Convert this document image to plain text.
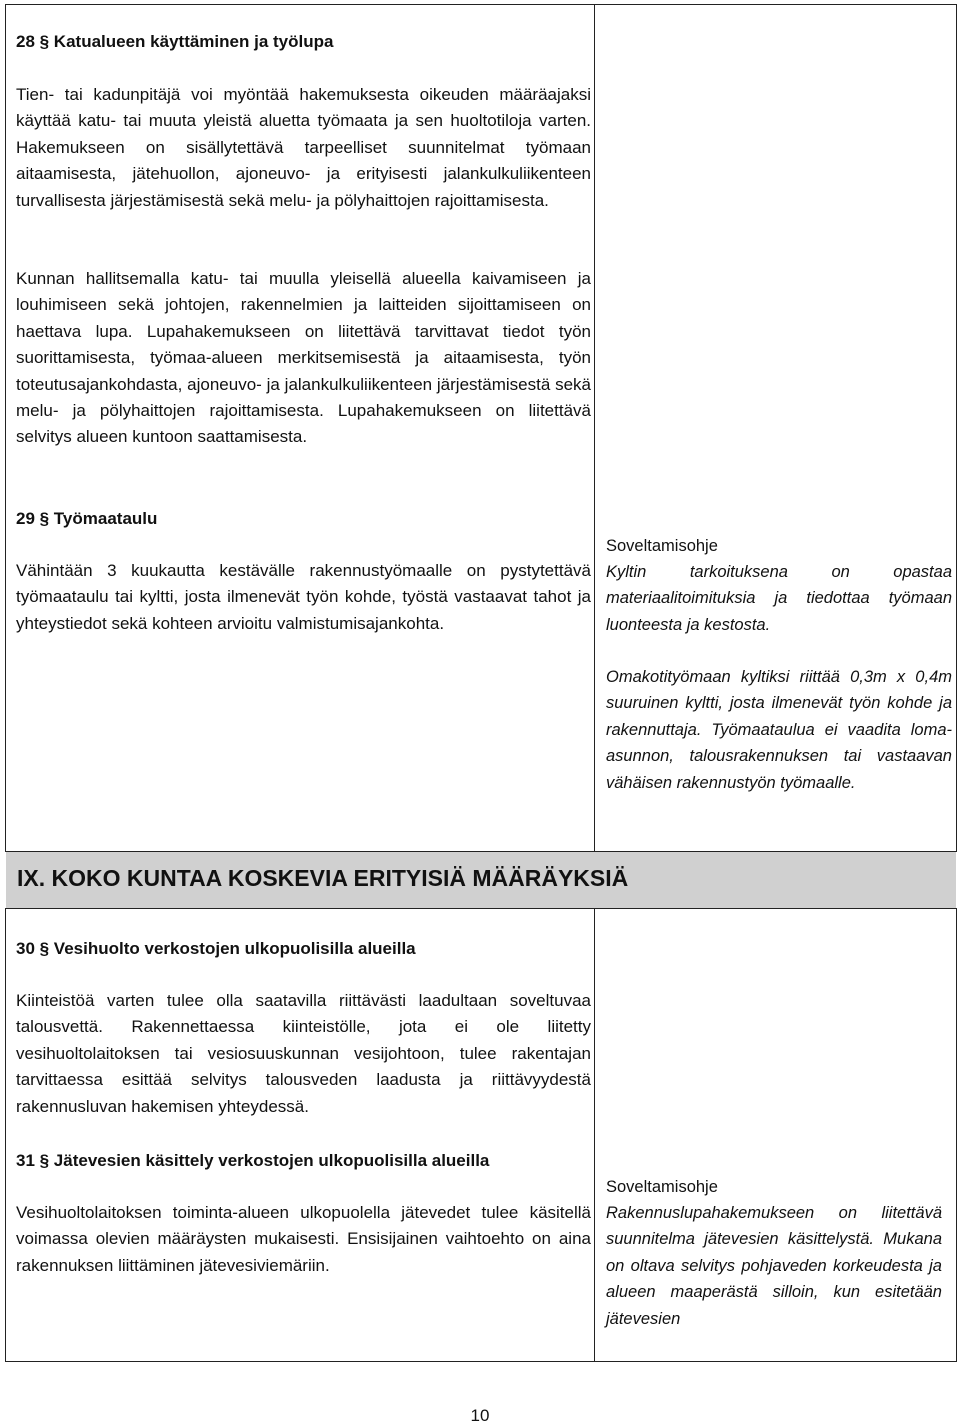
28 § Katualueen käyttäminen ja työlupa

Tien- tai kadunpitäjä voi myöntää hakemuksesta oikeuden määräajaksi käyttää katu- tai muuta yleistä aluetta työmaata ja sen huoltotiloja varten. Hakemukseen on sisällytettävä tarpeelliset suunnitelmat työmaan aitaamisesta, jätehuollon, ajoneuvo- ja erityisesti jalankulkuliikenteen turvallisesta järjestämisestä sekä melu- ja pölyhaittojen rajoittamisesta.

Kunnan hallitsemalla katu- tai muulla yleisellä alueella kaivamiseen ja louhimiseen sekä johtojen, rakennelmien ja laitteiden sijoittamiseen on haettava lupa. Lupahakemukseen on liitettävä tarvittavat tiedot työn suorittamisesta, työmaa-alueen merkitsemisestä ja aitaamisesta, työn toteutusajankohdasta, ajoneuvo- ja jalankulkuliikenteen järjestämisestä sekä melu- ja pölyhaittojen rajoittamisesta. Lupahakemukseen on liitettävä selvitys alueen kuntoon saattamisesta.

29 § Työmaataulu

Vähintään 3 kuukautta kestävälle rakennustyömaalle on pystytettävä työmaataulu tai kyltti, josta ilmenevät työn kohde, työstä vastaavat tahot ja yhteystiedot sekä kohteen arvioitu valmistumisajankohta.

Soveltamisohje

Kyltin tarkoituksena on opastaa materiaalitoimituksia ja tiedottaa työmaan luonteesta ja kestosta.

Omakotityömaan kyltiksi riittää 0,3m x 0,4m suuruinen kyltti, josta ilmenevät työn kohde ja rakennuttaja. Työmaataulua ei vaadita loma-asunnon, talousrakennuksen tai vastaavan vähäisen rakennustyön työmaalle.

IX. KOKO KUNTAA KOSKEVIA ERITYISIÄ MÄÄRÄYKSIÄ
30 § Vesihuolto verkostojen ulkopuolisilla alueilla

Kiinteistöä varten tulee olla saatavilla riittävästi laadultaan soveltuvaa talousvettä. Rakennettaessa kiinteistölle, jota ei ole liitetty vesihuoltolaitoksen tai vesiosuuskunnan vesijohtoon, tulee rakentajan tarvittaessa esittää selvitys talousveden laadusta ja riittävyydestä rakennusluvan hakemisen yhteydessä.

31 § Jätevesien käsittely verkostojen ulkopuolisilla alueilla

Vesihuoltolaitoksen toiminta-alueen ulkopuolella jätevedet tulee käsitellä voimassa olevien määräysten mukaisesti. Ensisijainen vaihtoehto on aina rakennuksen liittäminen jätevesiviemäriin.

Soveltamisohje

Rakennuslupahakemukseen on liitettävä suunnitelma jätevesien käsittelystä. Mukana on oltava selvitys pohjaveden korkeudesta ja alueen maaperästä silloin, kun esitetään jätevesien

10
